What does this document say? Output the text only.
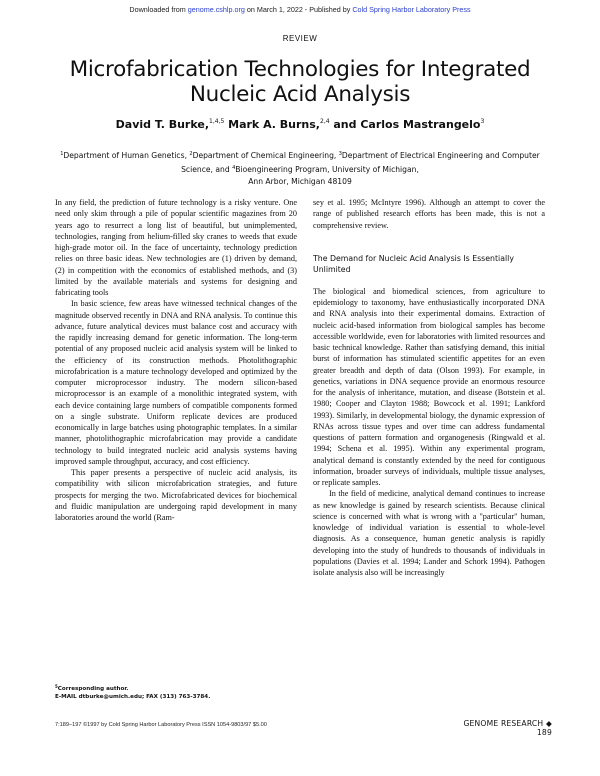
Downloaded from genome.cshlp.org on March 1, 2022 - Published by Cold Spring Harbor Laboratory Press
REVIEW
Microfabrication Technologies for Integrated
Nucleic Acid Analysis
David T. Burke,$^{1,4,5}$ Mark A. Burns,$^{2,4}$ and Carlos Mastrangelo$^3$
$^1$Department of Human Genetics, $^2$Department of Chemical Engineering, $^3$Department of Electrical Engineering and Computer Science, and $^4$Bioengineering Program, University of Michigan,
Ann Arbor, Michigan 48109

In any field, the prediction of future technology is a risky venture. One need only skim through a pile of popular scientific magazines from 20 years ago to resurrect a long list of beautiful, but unimplemented, technologies, ranging from helium-filled sky cranes to weeds that exude high-grade motor oil. In the face of uncertainty, technology prediction relies on three basic ideas. New technologies are (1) driven by demand, (2) in competition with the economics of established methods, and (3) limited by the available materials and systems for designing and fabricating tools

In basic science, few areas have witnessed technical changes of the magnitude observed recently in DNA and RNA analysis. To continue this advance, future analytical devices must balance cost and accuracy with the rapidly increasing demand for genetic information. The long-term potential of any proposed nucleic acid analysis system will be linked to the efficiency of its construction methods. Photolithographic microfabrication is a mature technology developed and optimized by the computer microprocessor industry. The modern silicon-based microprocessor is an example of a monolithic integrated system, with each device containing large numbers of compatible components formed on a single substrate. Uniform replicate devices are produced economically in large batches using photographic templates. In a similar manner, photolithographic microfabrication may provide a candidate technology to build integrated nucleic acid analysis systems having improved sample throughput, accuracy, and cost efficiency.

This paper presents a perspective of nucleic acid analysis, its compatibility with silicon microfabrication strategies, and future prospects for merging the two. Microfabricated devices for biochemical and fluidic manipulation are undergoing rapid development in many laboratories around the world (Ram-

sey et al. 1995; McIntyre 1996). Although an attempt to cover the range of published research efforts has been made, this is not a comprehensive review.

The Demand for Nucleic Acid Analysis Is Essentially Unlimited

The biological and biomedical sciences, from agriculture to epidemiology to taxonomy, have enthusiastically incorporated DNA and RNA analysis into their experimental domains. Extraction of nucleic acid-based information from biological samples has become accessible worldwide, even for laboratories with limited resources and basic technical knowledge. Rather than satisfying demand, this initial burst of information has stimulated scientific appetites for an even greater breadth and depth of data (Olson 1993). For example, in genetics, variations in DNA sequence provide an enormous resource for the analysis of inheritance, mutation, and disease (Botstein et al. 1980; Cooper and Clayton 1988; Bowcock et al. 1991; Lankford 1993). Similarly, in developmental biology, the dynamic expression of RNAs across tissue types and over time can address fundamental questions of pattern formation and organogenesis (Ringwald et al. 1994; Schena et al. 1995). Within any experimental program, analytical demand is constantly extended by the need for contiguous information, broader surveys of individuals, multiple tissue analyses, or replicate samples.

In the field of medicine, analytical demand continues to increase as new knowledge is gained by research scientists. Because clinical science is concerned with what is wrong with a "particular" human, knowledge of individual variation is essential to whole-level diagnosis. As a consequence, human genetic analysis is rapidly developing into the study of hundreds to thousands of individuals in populations (Davies et al. 1994; Lander and Schork 1994). Pathogen isolate analysis also will be increasingly

$^5$Corresponding author.
E-MAIL dtburke@umich.edu; FAX (313) 763-3784.
7:189–197 ©1997 by Cold Spring Harbor Laboratory Press ISSN 1054-9803/97 $5.00	GENOME RESEARCH ◆ 189
